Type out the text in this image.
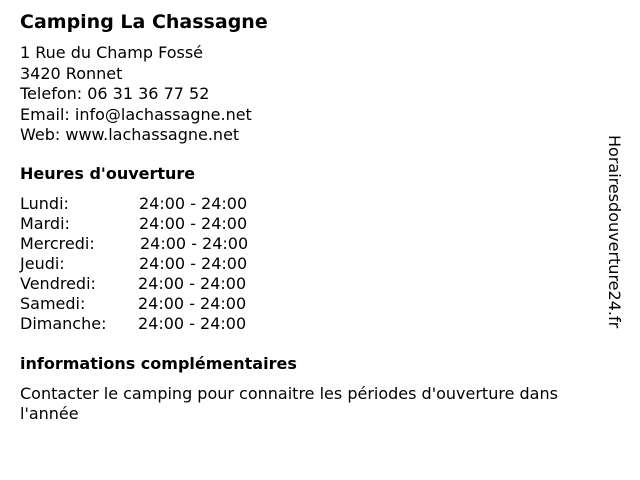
Camping La Chassagne
1 Rue du Champ Fossé
3420 Ronnet
Telefon: 06 31 36 77 52
Email: info@lachassagne.net
Web: www.lachassagne.net
Heures d'ouverture
Lundi:	24:00 - 24:00
Mardi:	24:00 - 24:00
Mercredi:	24:00 - 24:00
Jeudi:	24:00 - 24:00
Vendredi:	24:00 - 24:00
Samedi:	24:00 - 24:00
Dimanche: 24:00 - 24:00
informations complémentaires

Contacter le camping pour connaitre les périodes d'ouverture dans l'année

Horairesdouverture24.fr
